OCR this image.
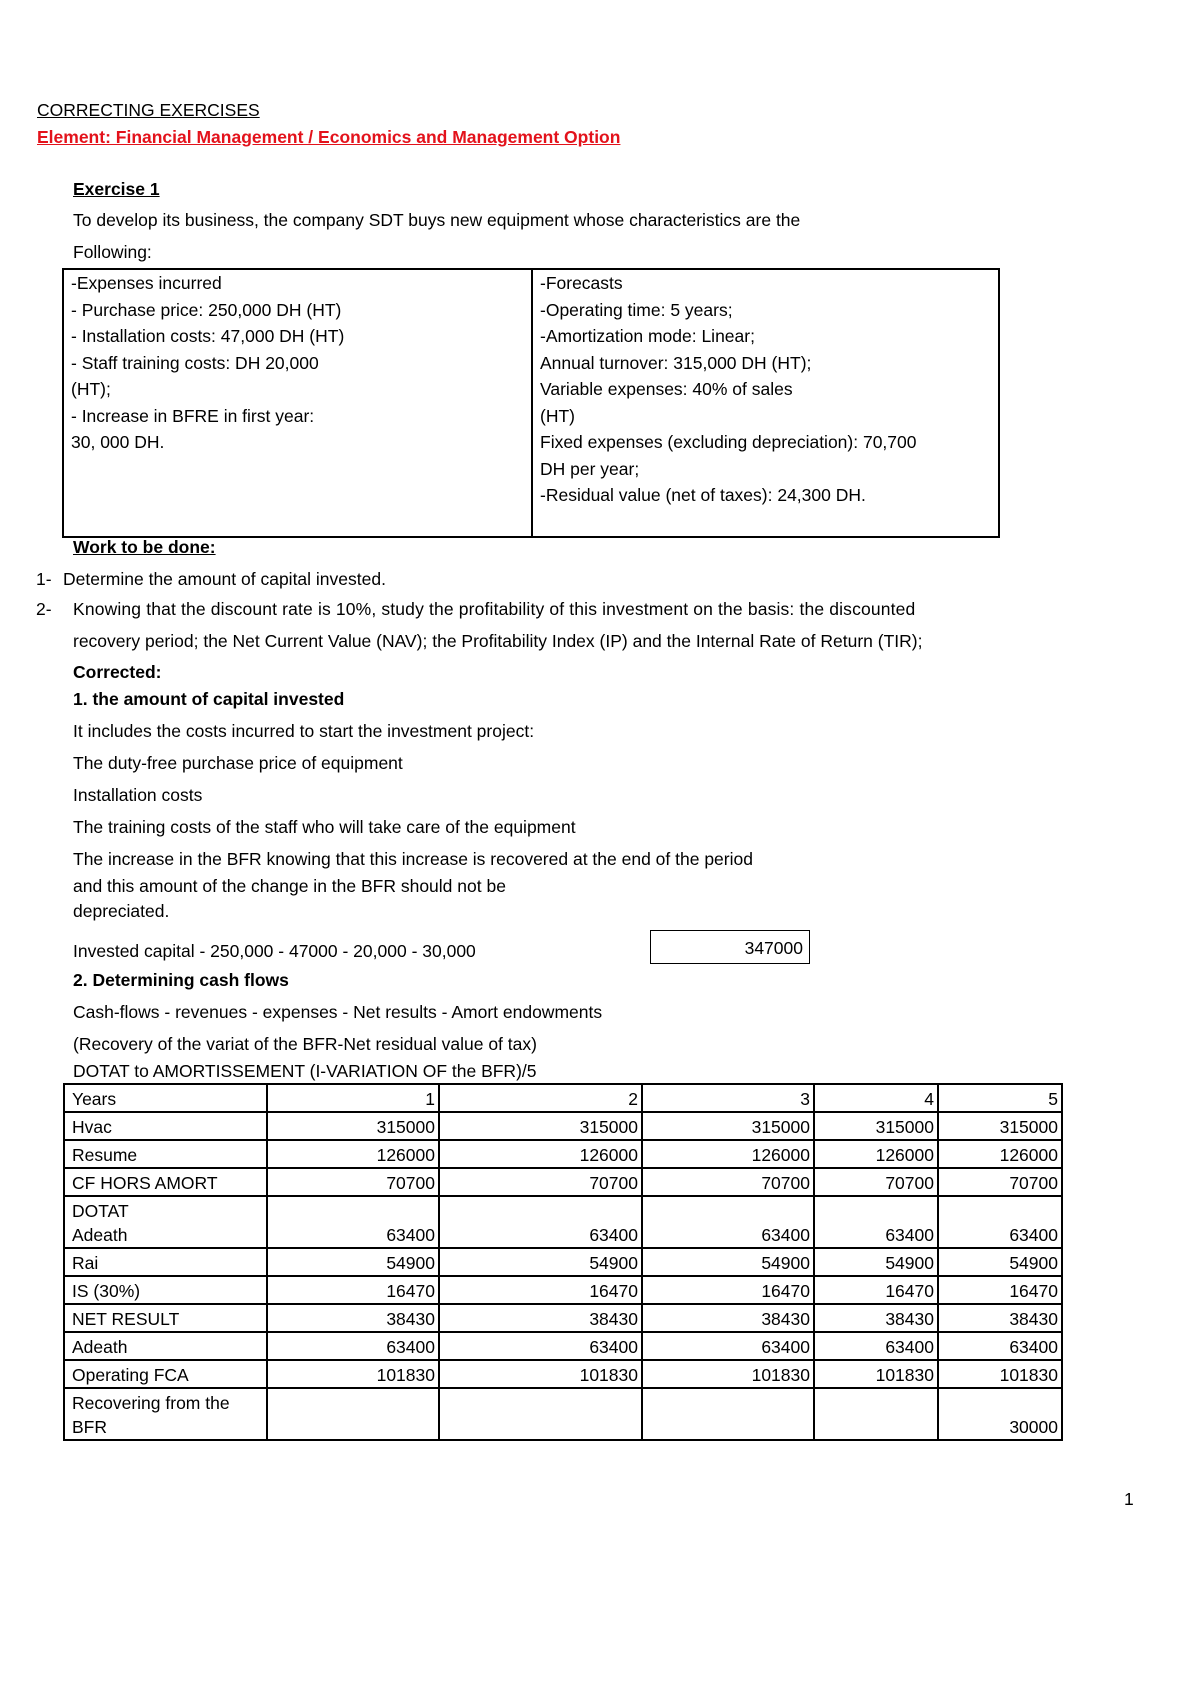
CORRECTING EXERCISES
Element: Financial Management / Economics and Management Option
Exercise 1
To develop its business, the company SDT buys new equipment whose characteristics are the
Following:
-Expenses incurred
- Purchase price: 250,000 DH (HT)
- Installation costs: 47,000 DH (HT)
- Staff training costs: DH 20,000
(HT);
- Increase in BFRE in first year:
30, 000 DH.
-Forecasts
-Operating time: 5 years;
-Amortization mode: Linear;
Annual turnover: 315,000 DH (HT);
Variable expenses: 40% of sales
(HT)
Fixed expenses (excluding depreciation): 70,700
DH per year;
-Residual value (net of taxes): 24,300 DH.
Work to be done:
1- Determine the amount of capital invested.
2- Knowing that the discount rate is 10%, study the profitability of this investment on the basis: the discounted
recovery period; the Net Current Value (NAV); the Profitability Index (IP) and the Internal Rate of Return (TIR);
Corrected:
1. the amount of capital invested
It includes the costs incurred to start the investment project:
The duty-free purchase price of equipment
Installation costs
The training costs of the staff who will take care of the equipment
The increase in the BFR knowing that this increase is recovered at the end of the period
and this amount of the change in the BFR should not be
depreciated.
Invested capital - 250,000 - 47000 - 20,000 - 30,000	347000
2. Determining cash flows
Cash-flows - revenues - expenses - Net results - Amort endowments
(Recovery of the variat of the BFR-Net residual value of tax)
DOTAT to AMORTISSEMENT (I-VARIATION OF the BFR)/5
Years	1	2	3	4	5

Hvac	315000	315000	315000	315000	315000

Resume	126000	126000	126000	126000	126000

CF HORS AMORT	70700	70700	70700	70700	70700

DOTAT
Adeath	63400	63400	63400	63400	63400

Rai	54900	54900	54900	54900	54900

IS (30%)	16470	16470	16470	16470	16470

NET RESULT	38430	38430	38430	38430	38430

Adeath	63400	63400	63400	63400	63400

Operating FCA	101830	101830	101830	101830	101830

Recovering from the
BFR					30000
1
